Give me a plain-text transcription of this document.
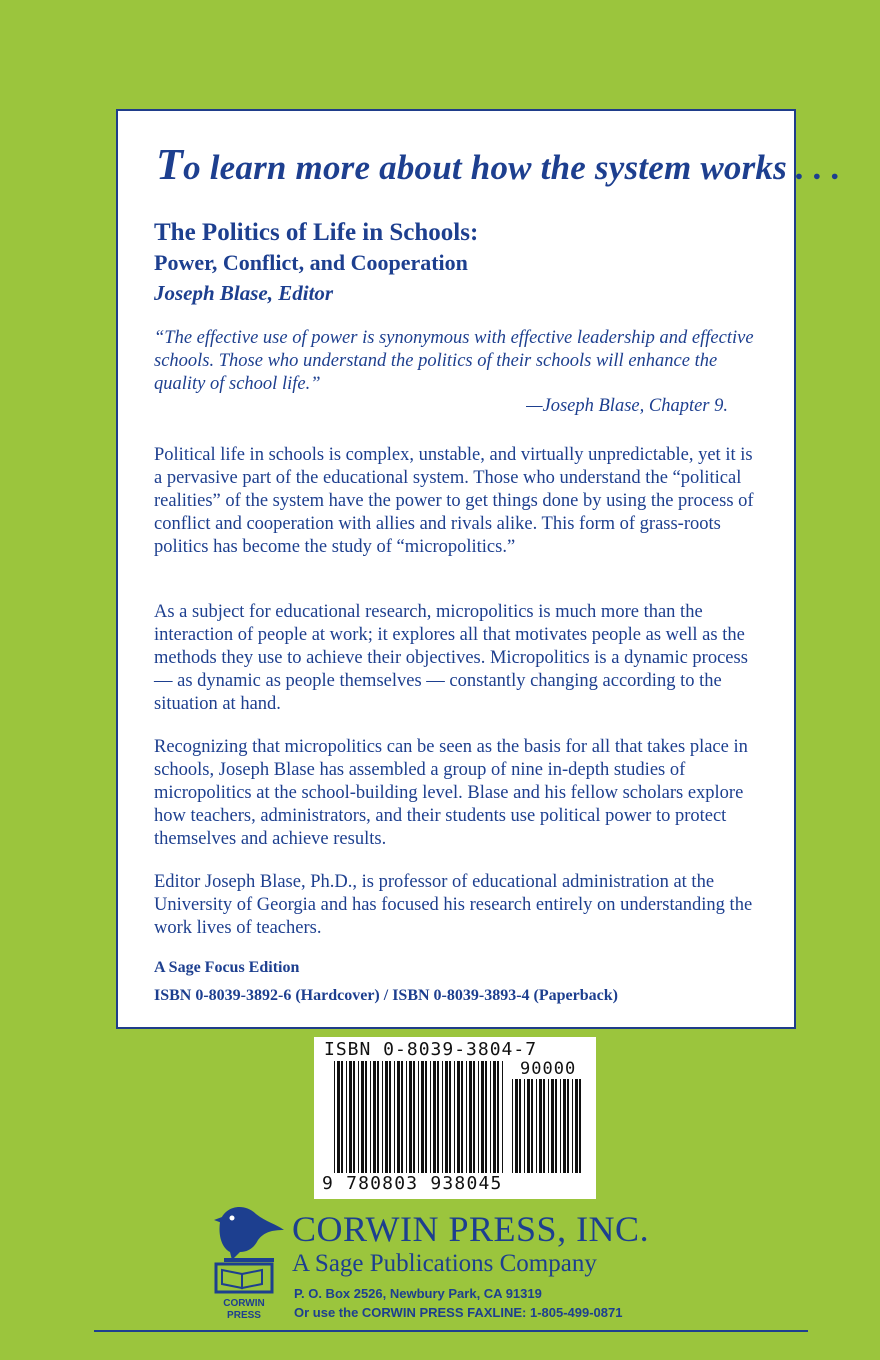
To learn more about how the system works . . .
The Politics of Life in Schools:
Power, Conflict, and Cooperation
Joseph Blase, Editor
“The effective use of power is synonymous with effective leadership and effective schools. Those who understand the politics of their schools will enhance the quality of school life.”
—Joseph Blase, Chapter 9.
Political life in schools is complex, unstable, and virtually unpredictable, yet it is a pervasive part of the educational system. Those who understand the “political realities” of the system have the power to get things done by using the process of conflict and cooperation with allies and rivals alike. This form of grass-roots politics has become the study of “micropolitics.”
As a subject for educational research, micropolitics is much more than the interaction of people at work; it explores all that motivates people as well as the methods they use to achieve their objectives. Micropolitics is a dynamic process — as dynamic as people themselves — constantly changing according to the situation at hand.
Recognizing that micropolitics can be seen as the basis for all that takes place in schools, Joseph Blase has assembled a group of nine in-depth studies of micropolitics at the school-building level. Blase and his fellow scholars explore how teachers, administrators, and their students use political power to protect themselves and achieve results.
Editor Joseph Blase, Ph.D., is professor of educational administration at the University of Georgia and has focused his research entirely on understanding the work lives of teachers.
A Sage Focus Edition
ISBN 0-8039-3892-6 (Hardcover) / ISBN 0-8039-3893-4 (Paperback)
ISBN 0-8039-3804-7
90000
9 780803 938045
CORWIN
PRESS
CORWIN PRESS, INC.
A Sage Publications Company
P. O. Box 2526, Newbury Park, CA 91319
Or use the CORWIN PRESS FAXLINE: 1-805-499-0871
